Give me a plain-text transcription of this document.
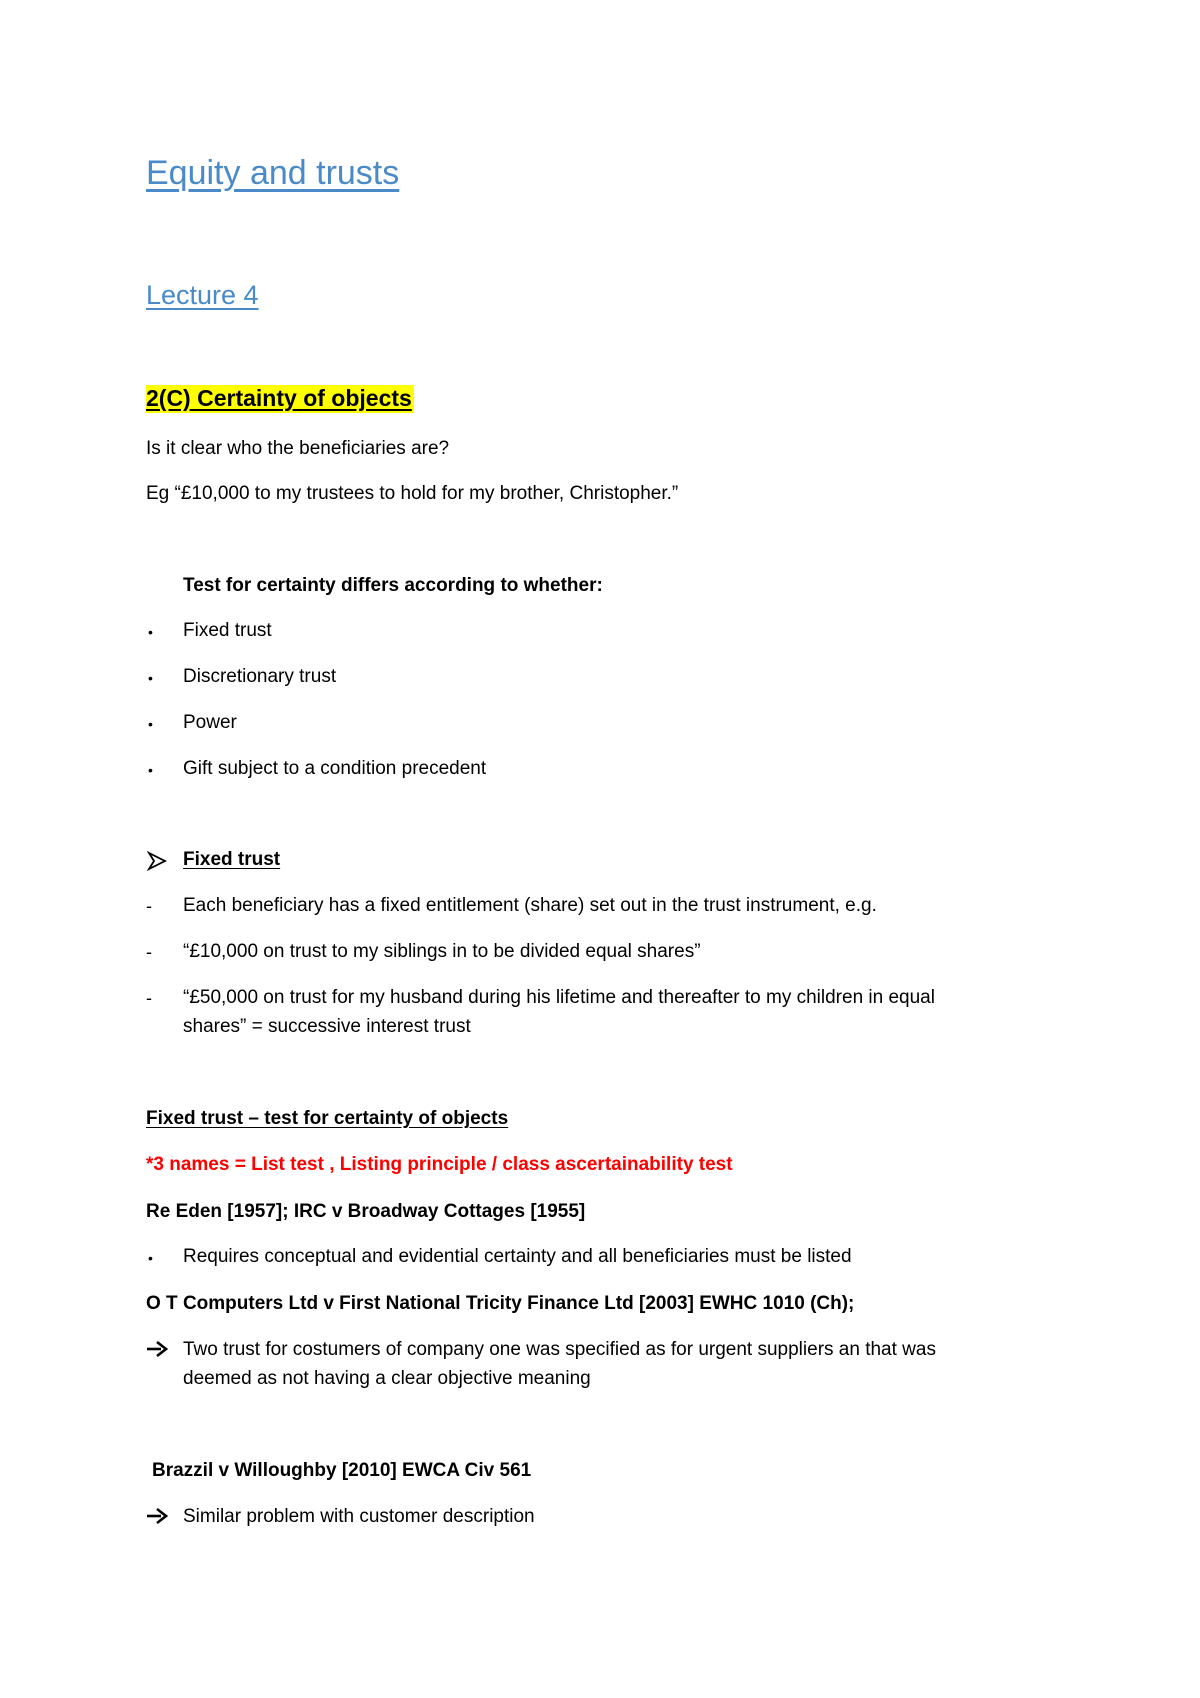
Equity and trusts
Lecture 4
2(C) Certainty of objects
Is it clear who the beneficiaries are?
Eg “£10,000 to my trustees to hold for my brother, Christopher.”
Test for certainty differs according to whether:
• Fixed trust
• Discretionary trust
• Power
• Gift subject to a condition precedent
Fixed trust
- Each beneficiary has a fixed entitlement (share) set out in the trust instrument, e.g.
- “£10,000 on trust to my siblings in to be divided equal shares”
- “£50,000 on trust for my husband during his lifetime and thereafter to my children in equal
shares” = successive interest trust
Fixed trust – test for certainty of objects
*3 names = List test , Listing principle / class ascertainability test
Re Eden [1957]; IRC v Broadway Cottages [1955]
• Requires conceptual and evidential certainty and all beneficiaries must be listed
O T Computers Ltd v First National Tricity Finance Ltd [2003] EWHC 1010 (Ch);
Two trust for costumers of company one was specified as for urgent suppliers an that was
deemed as not having a clear objective meaning
Brazzil v Willoughby [2010] EWCA Civ 561
Similar problem with customer description
